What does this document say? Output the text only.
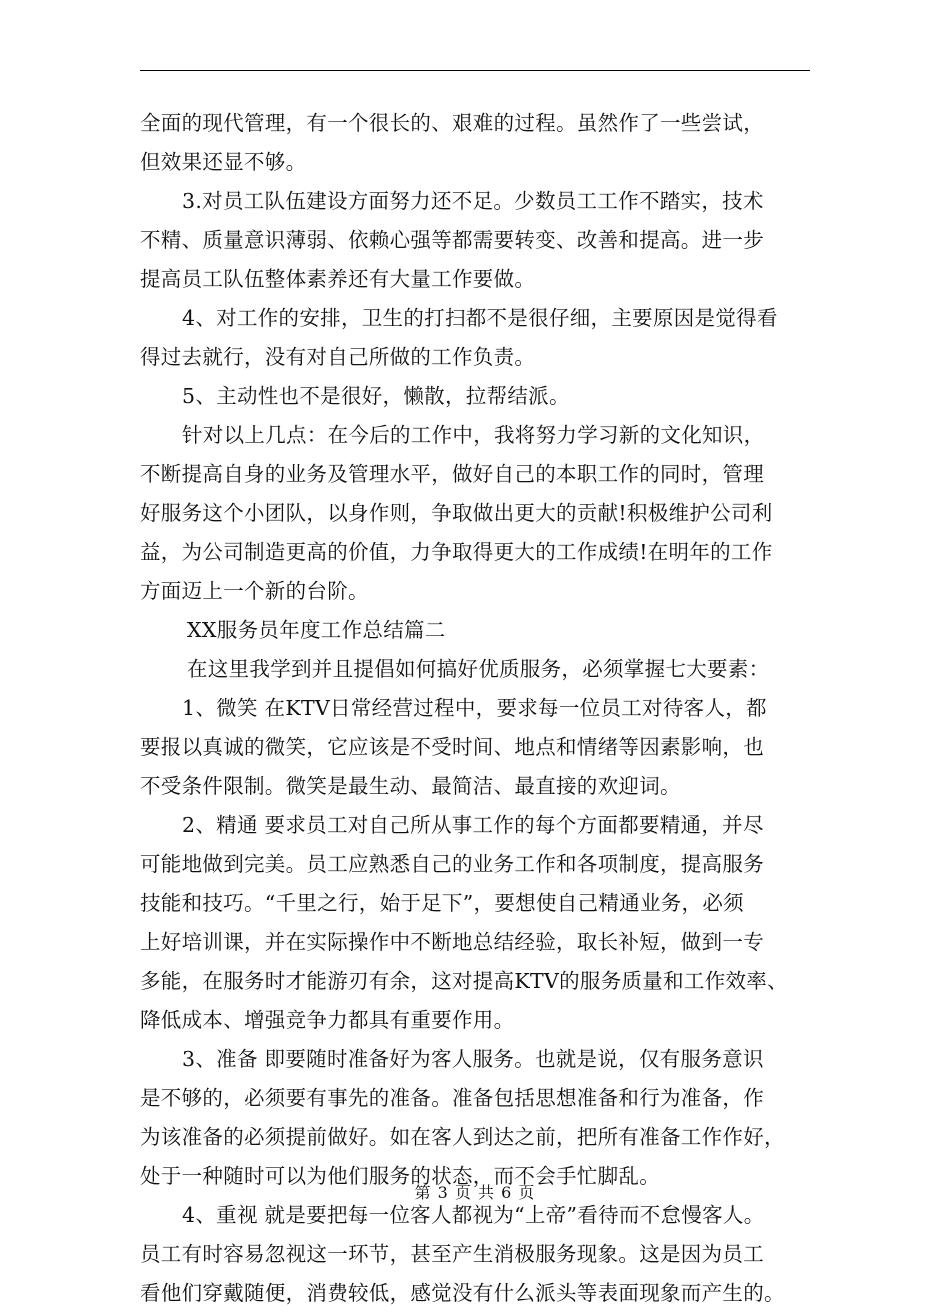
全面的现代管理，有一个很长的、艰难的过程。虽然作了一些尝试，
但效果还显不够。
3.对员工队伍建设方面努力还不足。少数员工工作不踏实，技术
不精、质量意识薄弱、依赖心强等都需要转变、改善和提高。进一步
提高员工队伍整体素养还有大量工作要做。
4、对工作的安排，卫生的打扫都不是很仔细，主要原因是觉得看
得过去就行，没有对自己所做的工作负责。
5、主动性也不是很好，懒散，拉帮结派。
针对以上几点：在今后的工作中，我将努力学习新的文化知识，
不断提高自身的业务及管理水平，做好自己的本职工作的同时，管理
好服务这个小团队，以身作则，争取做出更大的贡献!积极维护公司利
益，为公司制造更高的价值，力争取得更大的工作成绩!在明年的工作
方面迈上一个新的台阶。
XX服务员年度工作总结篇二
在这里我学到并且提倡如何搞好优质服务，必须掌握七大要素：
1、微笑 在KTV日常经营过程中，要求每一位员工对待客人，都
要报以真诚的微笑，它应该是不受时间、地点和情绪等因素影响，也
不受条件限制。微笑是最生动、最简洁、最直接的欢迎词。
2、精通 要求员工对自己所从事工作的每个方面都要精通，并尽
可能地做到完美。员工应熟悉自己的业务工作和各项制度，提高服务
技能和技巧。“千里之行，始于足下”，要想使自己精通业务，必须
上好培训课，并在实际操作中不断地总结经验，取长补短，做到一专
多能，在服务时才能游刃有余，这对提高KTV的服务质量和工作效率、
降低成本、增强竞争力都具有重要作用。
3、准备 即要随时准备好为客人服务。也就是说，仅有服务意识
是不够的，必须要有事先的准备。准备包括思想准备和行为准备，作
为该准备的必须提前做好。如在客人到达之前，把所有准备工作作好，
处于一种随时可以为他们服务的状态，而不会手忙脚乱。
4、重视 就是要把每一位客人都视为“上帝”看待而不怠慢客人。
员工有时容易忽视这一环节，甚至产生消极服务现象。这是因为员工
看他们穿戴随便，消费较低，感觉没有什么派头等表面现象而产生的。
第 3 页 共 6 页
